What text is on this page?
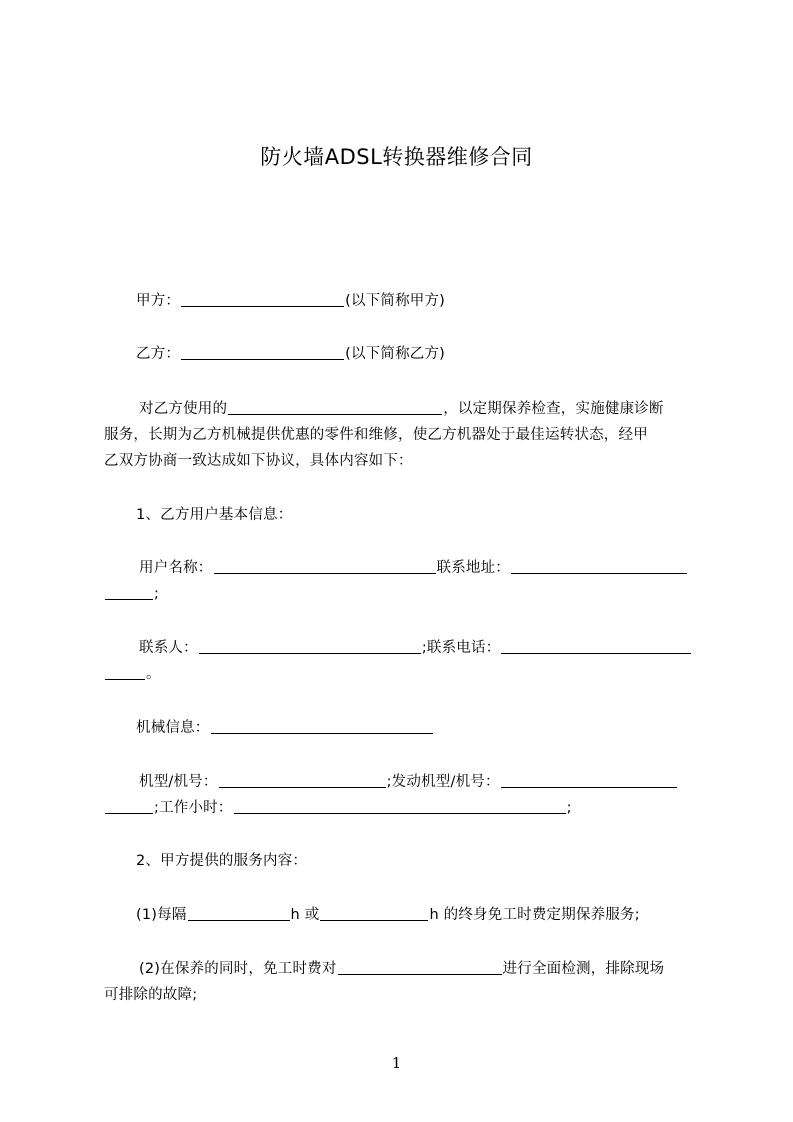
防火墙ADSL转换器维修合同
甲方：	(以下简称甲方)
乙方：	(以下简称乙方)
对乙方使用的	，以定期保养检查，实施健康诊断
服务，长期为乙方机械提供优惠的零件和维修，使乙方机器处于最佳运转状态，经甲
乙双方协商一致达成如下协议，具体内容如下：
1、乙方用户基本信息：
用户名称：	联系地址：
;
联系人：	;联系电话：
。
机械信息：
机型/机号：	;发动机型/机号：
;工作小时：	;
2、甲方提供的服务内容：
(1)每隔	h 或	h 的终身免工时费定期保养服务;
(2)在保养的同时，免工时费对	进行全面检测，排除现场
可排除的故障;
1
